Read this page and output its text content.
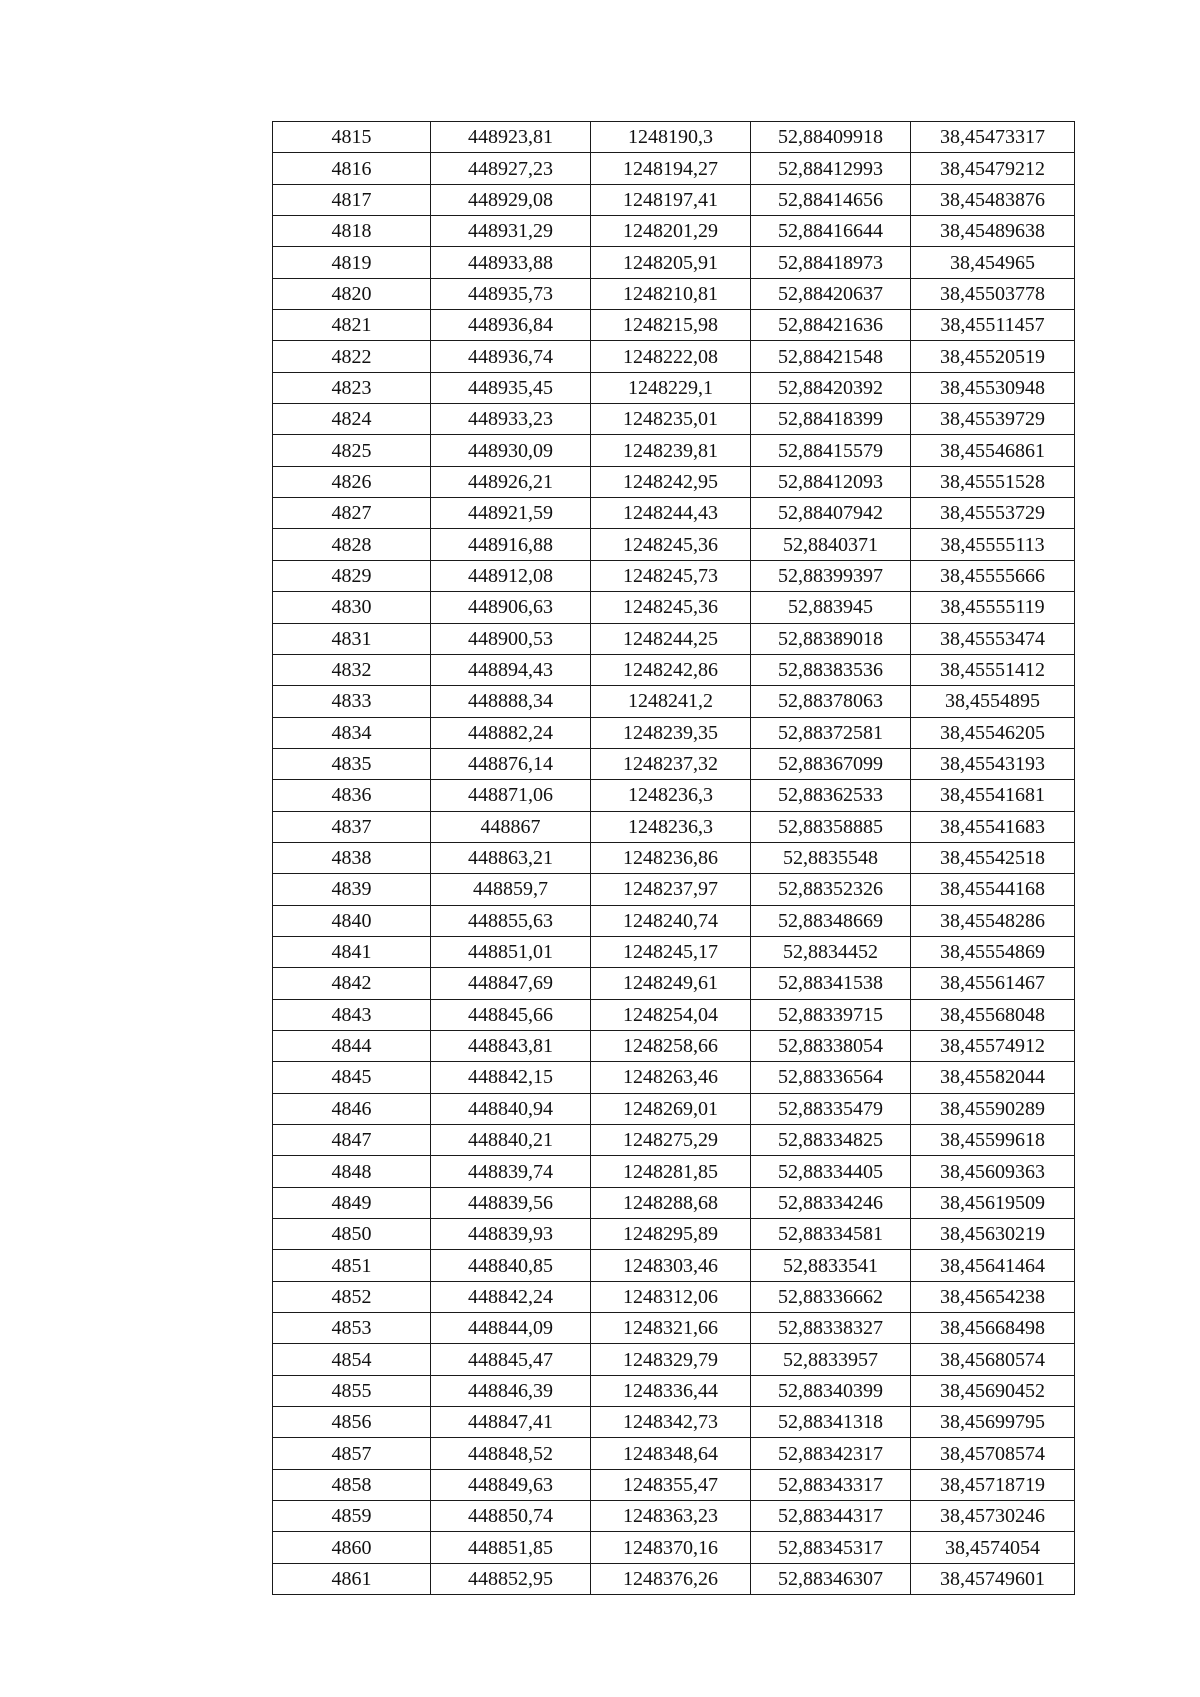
4815	448923,81	1248190,3	52,88409918	38,45473317
4816	448927,23	1248194,27	52,88412993	38,45479212
4817	448929,08	1248197,41	52,88414656	38,45483876
4818	448931,29	1248201,29	52,88416644	38,45489638
4819	448933,88	1248205,91	52,88418973	38,454965
4820	448935,73	1248210,81	52,88420637	38,45503778
4821	448936,84	1248215,98	52,88421636	38,45511457
4822	448936,74	1248222,08	52,88421548	38,45520519
4823	448935,45	1248229,1	52,88420392	38,45530948
4824	448933,23	1248235,01	52,88418399	38,45539729
4825	448930,09	1248239,81	52,88415579	38,45546861
4826	448926,21	1248242,95	52,88412093	38,45551528
4827	448921,59	1248244,43	52,88407942	38,45553729
4828	448916,88	1248245,36	52,8840371	38,45555113
4829	448912,08	1248245,73	52,88399397	38,45555666
4830	448906,63	1248245,36	52,883945	38,45555119
4831	448900,53	1248244,25	52,88389018	38,45553474
4832	448894,43	1248242,86	52,88383536	38,45551412
4833	448888,34	1248241,2	52,88378063	38,4554895
4834	448882,24	1248239,35	52,88372581	38,45546205
4835	448876,14	1248237,32	52,88367099	38,45543193
4836	448871,06	1248236,3	52,88362533	38,45541681
4837	448867	1248236,3	52,88358885	38,45541683
4838	448863,21	1248236,86	52,8835548	38,45542518
4839	448859,7	1248237,97	52,88352326	38,45544168
4840	448855,63	1248240,74	52,88348669	38,45548286
4841	448851,01	1248245,17	52,8834452	38,45554869
4842	448847,69	1248249,61	52,88341538	38,45561467
4843	448845,66	1248254,04	52,88339715	38,45568048
4844	448843,81	1248258,66	52,88338054	38,45574912
4845	448842,15	1248263,46	52,88336564	38,45582044
4846	448840,94	1248269,01	52,88335479	38,45590289
4847	448840,21	1248275,29	52,88334825	38,45599618
4848	448839,74	1248281,85	52,88334405	38,45609363
4849	448839,56	1248288,68	52,88334246	38,45619509
4850	448839,93	1248295,89	52,88334581	38,45630219
4851	448840,85	1248303,46	52,8833541	38,45641464
4852	448842,24	1248312,06	52,88336662	38,45654238
4853	448844,09	1248321,66	52,88338327	38,45668498
4854	448845,47	1248329,79	52,8833957	38,45680574
4855	448846,39	1248336,44	52,88340399	38,45690452
4856	448847,41	1248342,73	52,88341318	38,45699795
4857	448848,52	1248348,64	52,88342317	38,45708574
4858	448849,63	1248355,47	52,88343317	38,45718719
4859	448850,74	1248363,23	52,88344317	38,45730246
4860	448851,85	1248370,16	52,88345317	38,4574054
4861	448852,95	1248376,26	52,88346307	38,45749601
